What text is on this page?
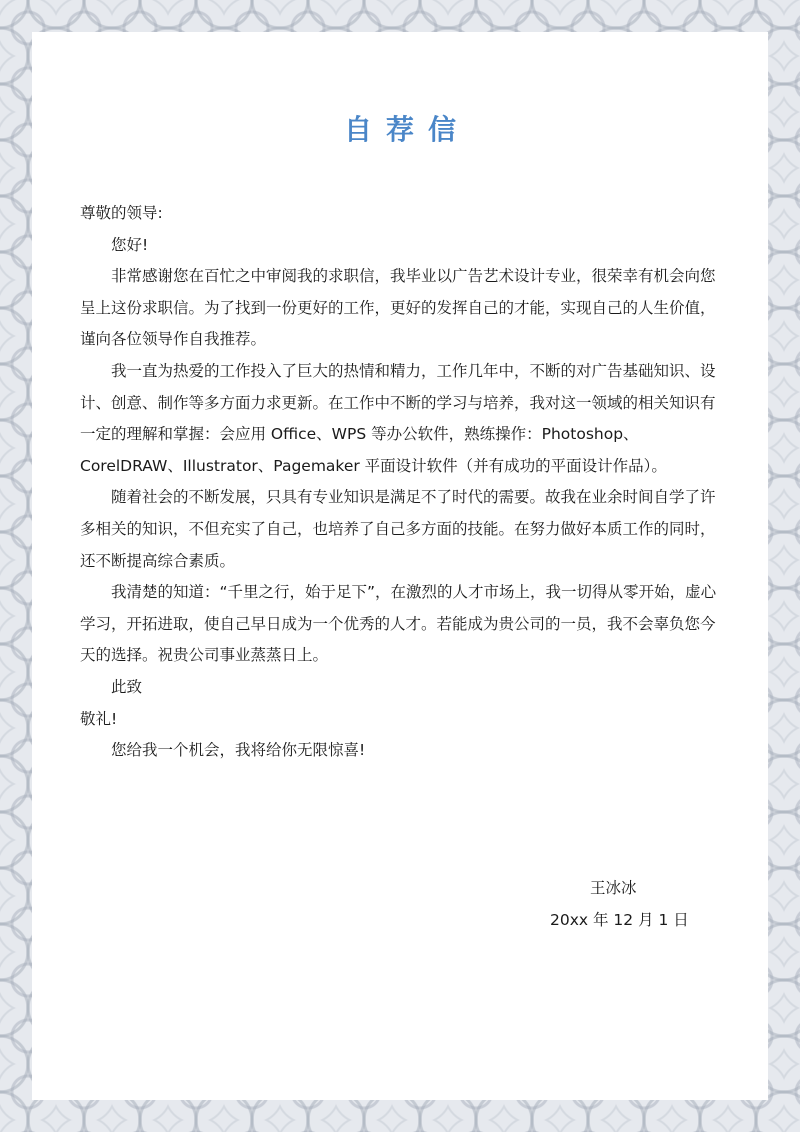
自荐信

尊敬的领导:

您好!

非常感谢您在百忙之中审阅我的求职信，我毕业以广告艺术设计专业，很荣幸有机会向您呈上这份求职信。为了找到一份更好的工作，更好的发挥自己的才能，实现自己的人生价值，谨向各位领导作自我推荐。

我一直为热爱的工作投入了巨大的热情和精力，工作几年中，不断的对广告基础知识、设计、创意、制作等多方面力求更新。在工作中不断的学习与培养，我对这一领域的相关知识有一定的理解和掌握：会应用 Office、WPS 等办公软件，熟练操作：Photoshop、CorelDRAW、Illustrator、Pagemaker 平面设计软件（并有成功的平面设计作品）。

随着社会的不断发展，只具有专业知识是满足不了时代的需要。故我在业余时间自学了许多相关的知识，不但充实了自己，也培养了自己多方面的技能。在努力做好本质工作的同时，还不断提高综合素质。

我清楚的知道：“千里之行，始于足下”，在激烈的人才市场上，我一切得从零开始，虚心学习，开拓进取，使自己早日成为一个优秀的人才。若能成为贵公司的一员，我不会辜负您今天的选择。祝贵公司事业蒸蒸日上。

此致

敬礼!

您给我一个机会，我将给你无限惊喜!

王冰冰
20xx 年 12 月 1 日
